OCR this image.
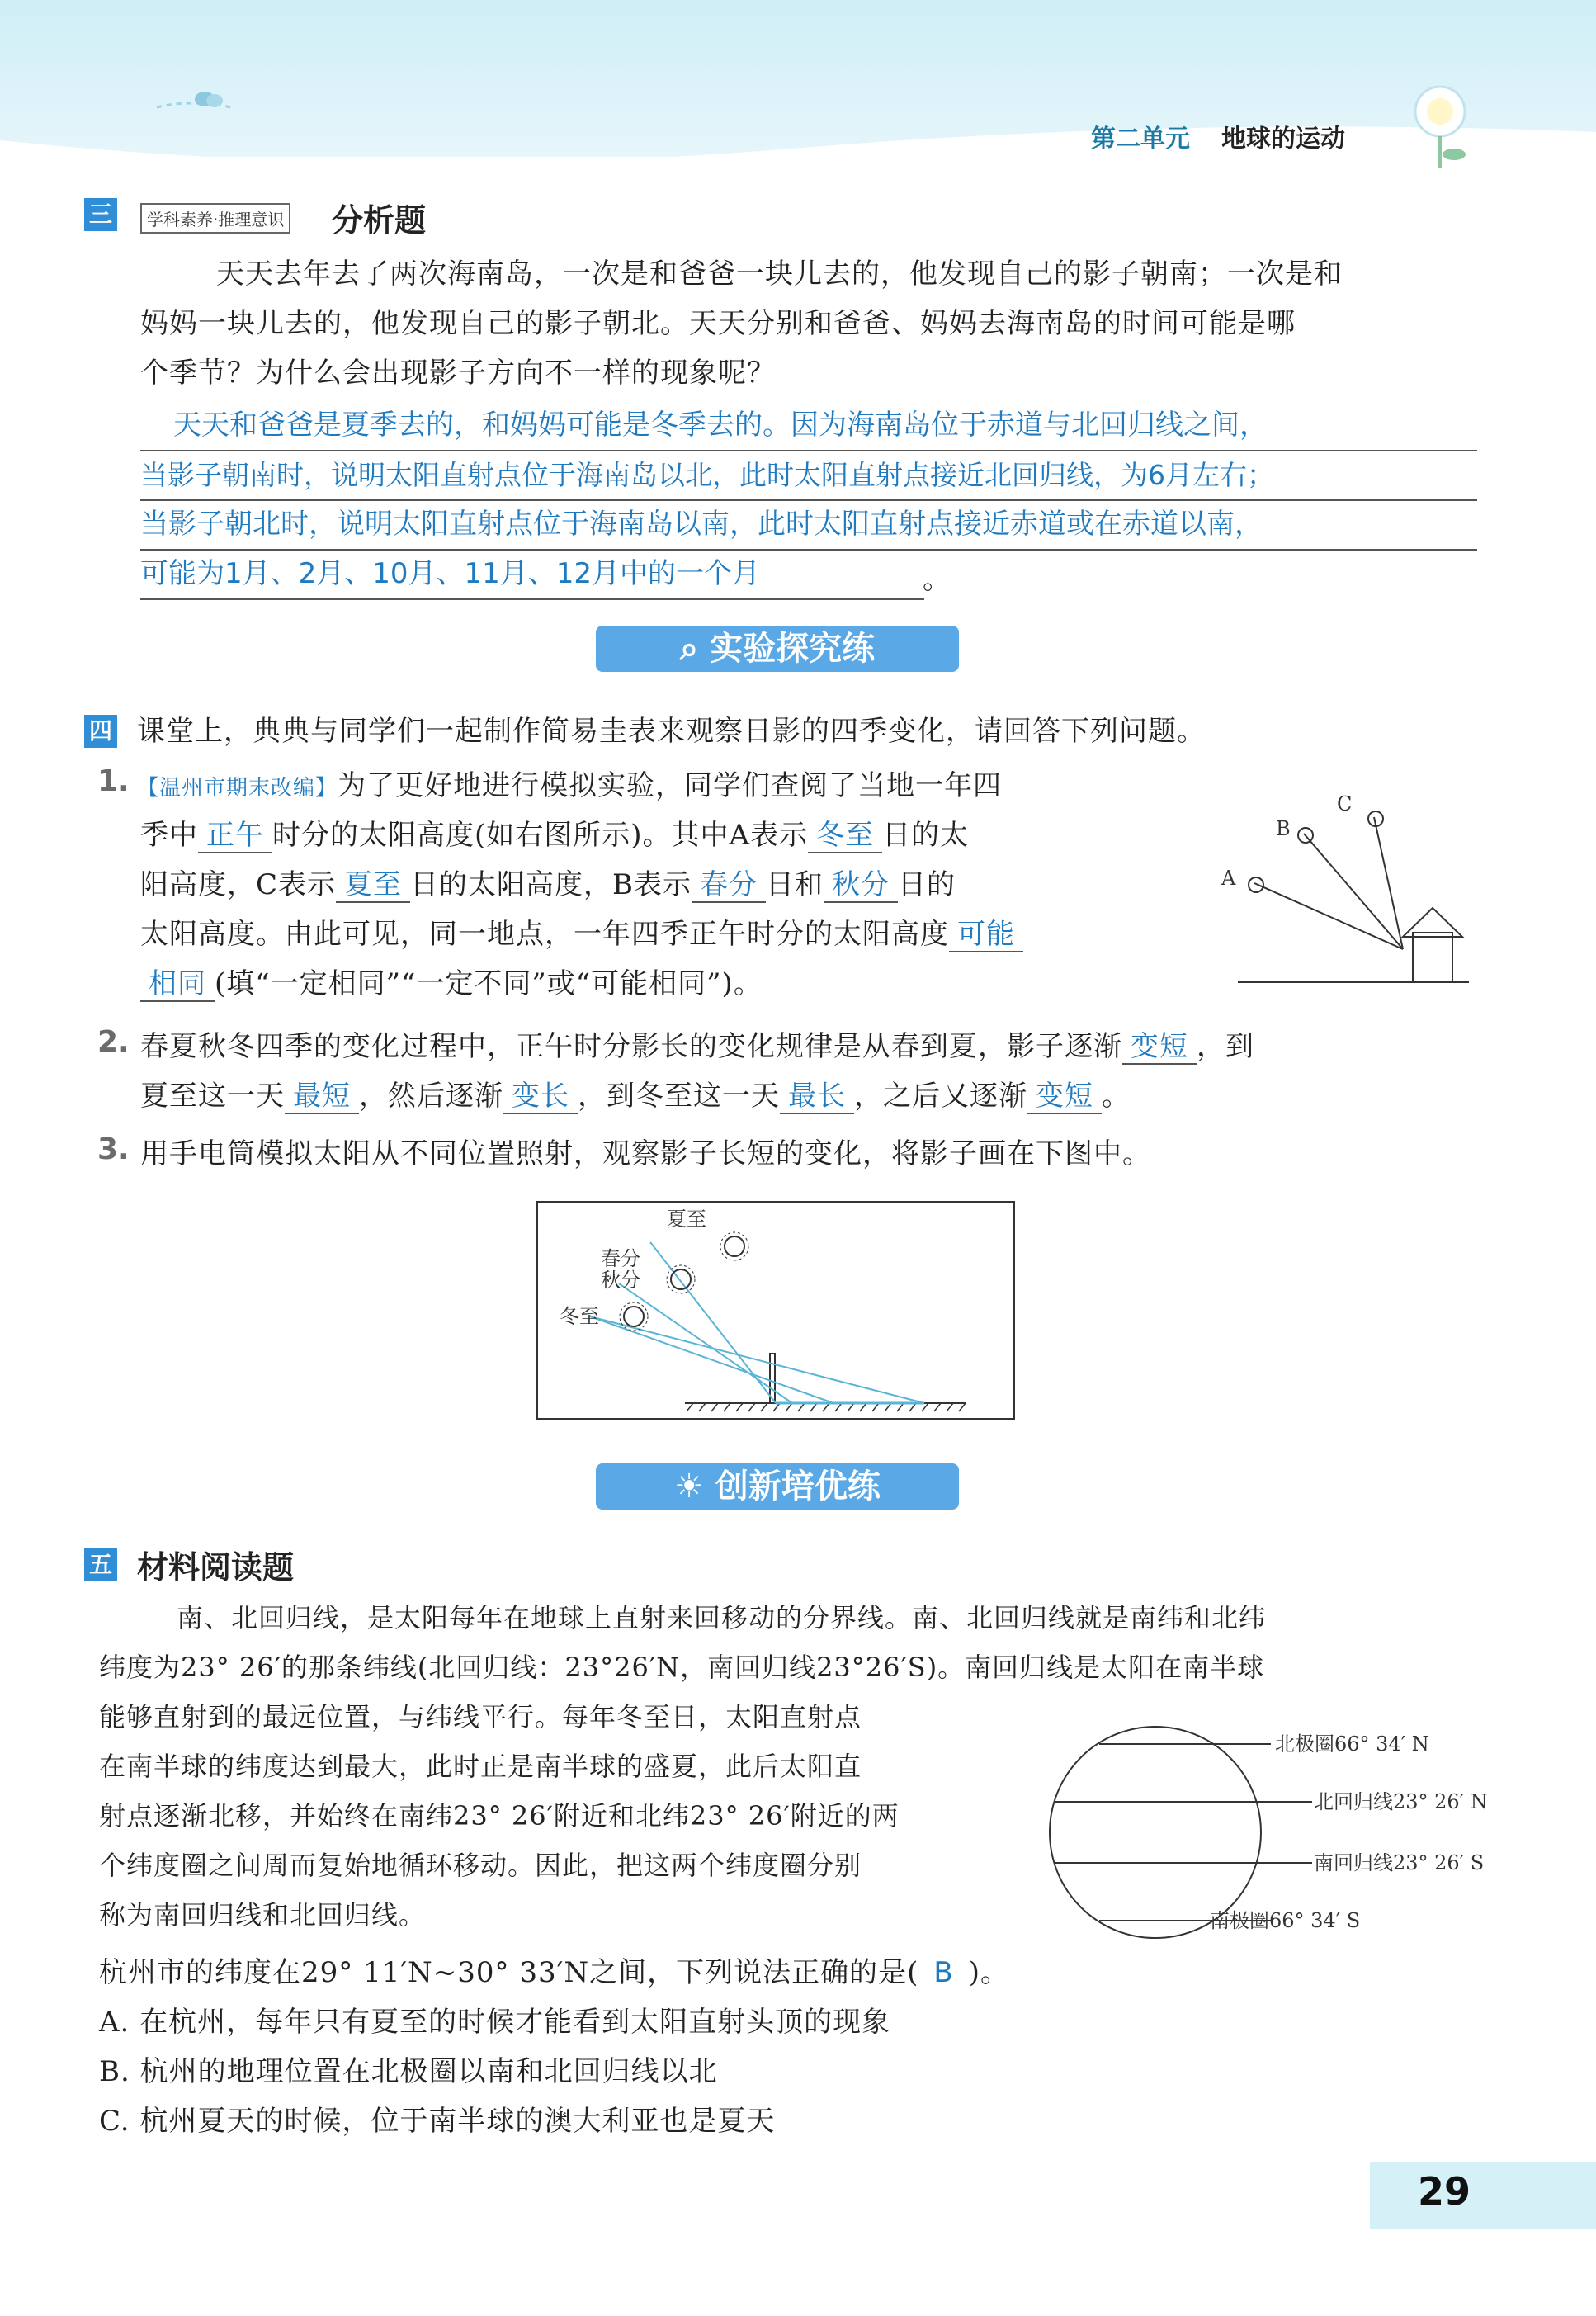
第二单元 地球的运动
三	学科素养·推理意识 分析题
天天去年去了两次海南岛，一次是和爸爸一块儿去的，他发现自己的影子朝南；一次是和
妈妈一块儿去的，他发现自己的影子朝北。天天分别和爸爸、妈妈去海南岛的时间可能是哪
个季节？为什么会出现影子方向不一样的现象呢？
天天和爸爸是夏季去的，和妈妈可能是冬季去的。因为海南岛位于赤道与北回归线之间，
当影子朝南时，说明太阳直射点位于海南岛以北，此时太阳直射点接近北回归线，为6月左右；
当影子朝北时，说明太阳直射点位于海南岛以南，此时太阳直射点接近赤道或在赤道以南，
可能为1月、2月、10月、11月、12月中的一个月	。
⌕ 实验探究练
四 课堂上，典典与同学们一起制作简易圭表来观察日影的四季变化，请回答下列问题。
1. 【温州市期末改编】为了更好地进行模拟实验，同学们查阅了当地一年四
季中 正午 时分的太阳高度(如右图所示)。其中A表示 冬至 日的太
阳高度，C表示 夏至 日的太阳高度，B表示 春分 日和 秋分 日的
太阳高度。由此可见，同一地点，一年四季正午时分的太阳高度 可能
相同 (填“一定相同”“一定不同”或“可能相同”)。
A
B
C
2. 春夏秋冬四季的变化过程中，正午时分影长的变化规律是从春到夏，影子逐渐 变短 ，到
夏至这一天 最短 ，然后逐渐 变长 ，到冬至这一天 最长 ，之后又逐渐 变短 。
3. 用手电筒模拟太阳从不同位置照射，观察影子长短的变化，将影子画在下图中。
夏至
春分
秋分
冬至
☀ 创新培优练
五 材料阅读题
南、北回归线，是太阳每年在地球上直射来回移动的分界线。南、北回归线就是南纬和北纬
纬度为23° 26′的那条纬线(北回归线：23°26′N，南回归线23°26′S)。南回归线是太阳在南半球
能够直射到的最远位置，与纬线平行。每年冬至日，太阳直射点
在南半球的纬度达到最大，此时正是南半球的盛夏，此后太阳直
射点逐渐北移，并始终在南纬23° 26′附近和北纬23° 26′附近的两
个纬度圈之间周而复始地循环移动。因此，把这两个纬度圈分别
称为南回归线和北回归线。
北极圈66° 34′ N
北回归线23° 26′ N
南回归线23° 26′ S
南极圈66° 34′ S
杭州市的纬度在29° 11′N~30° 33′N之间，下列说法正确的是( B )。
A. 在杭州，每年只有夏至的时候才能看到太阳直射头顶的现象
B. 杭州的地理位置在北极圈以南和北回归线以北
C. 杭州夏天的时候，位于南半球的澳大利亚也是夏天
29
